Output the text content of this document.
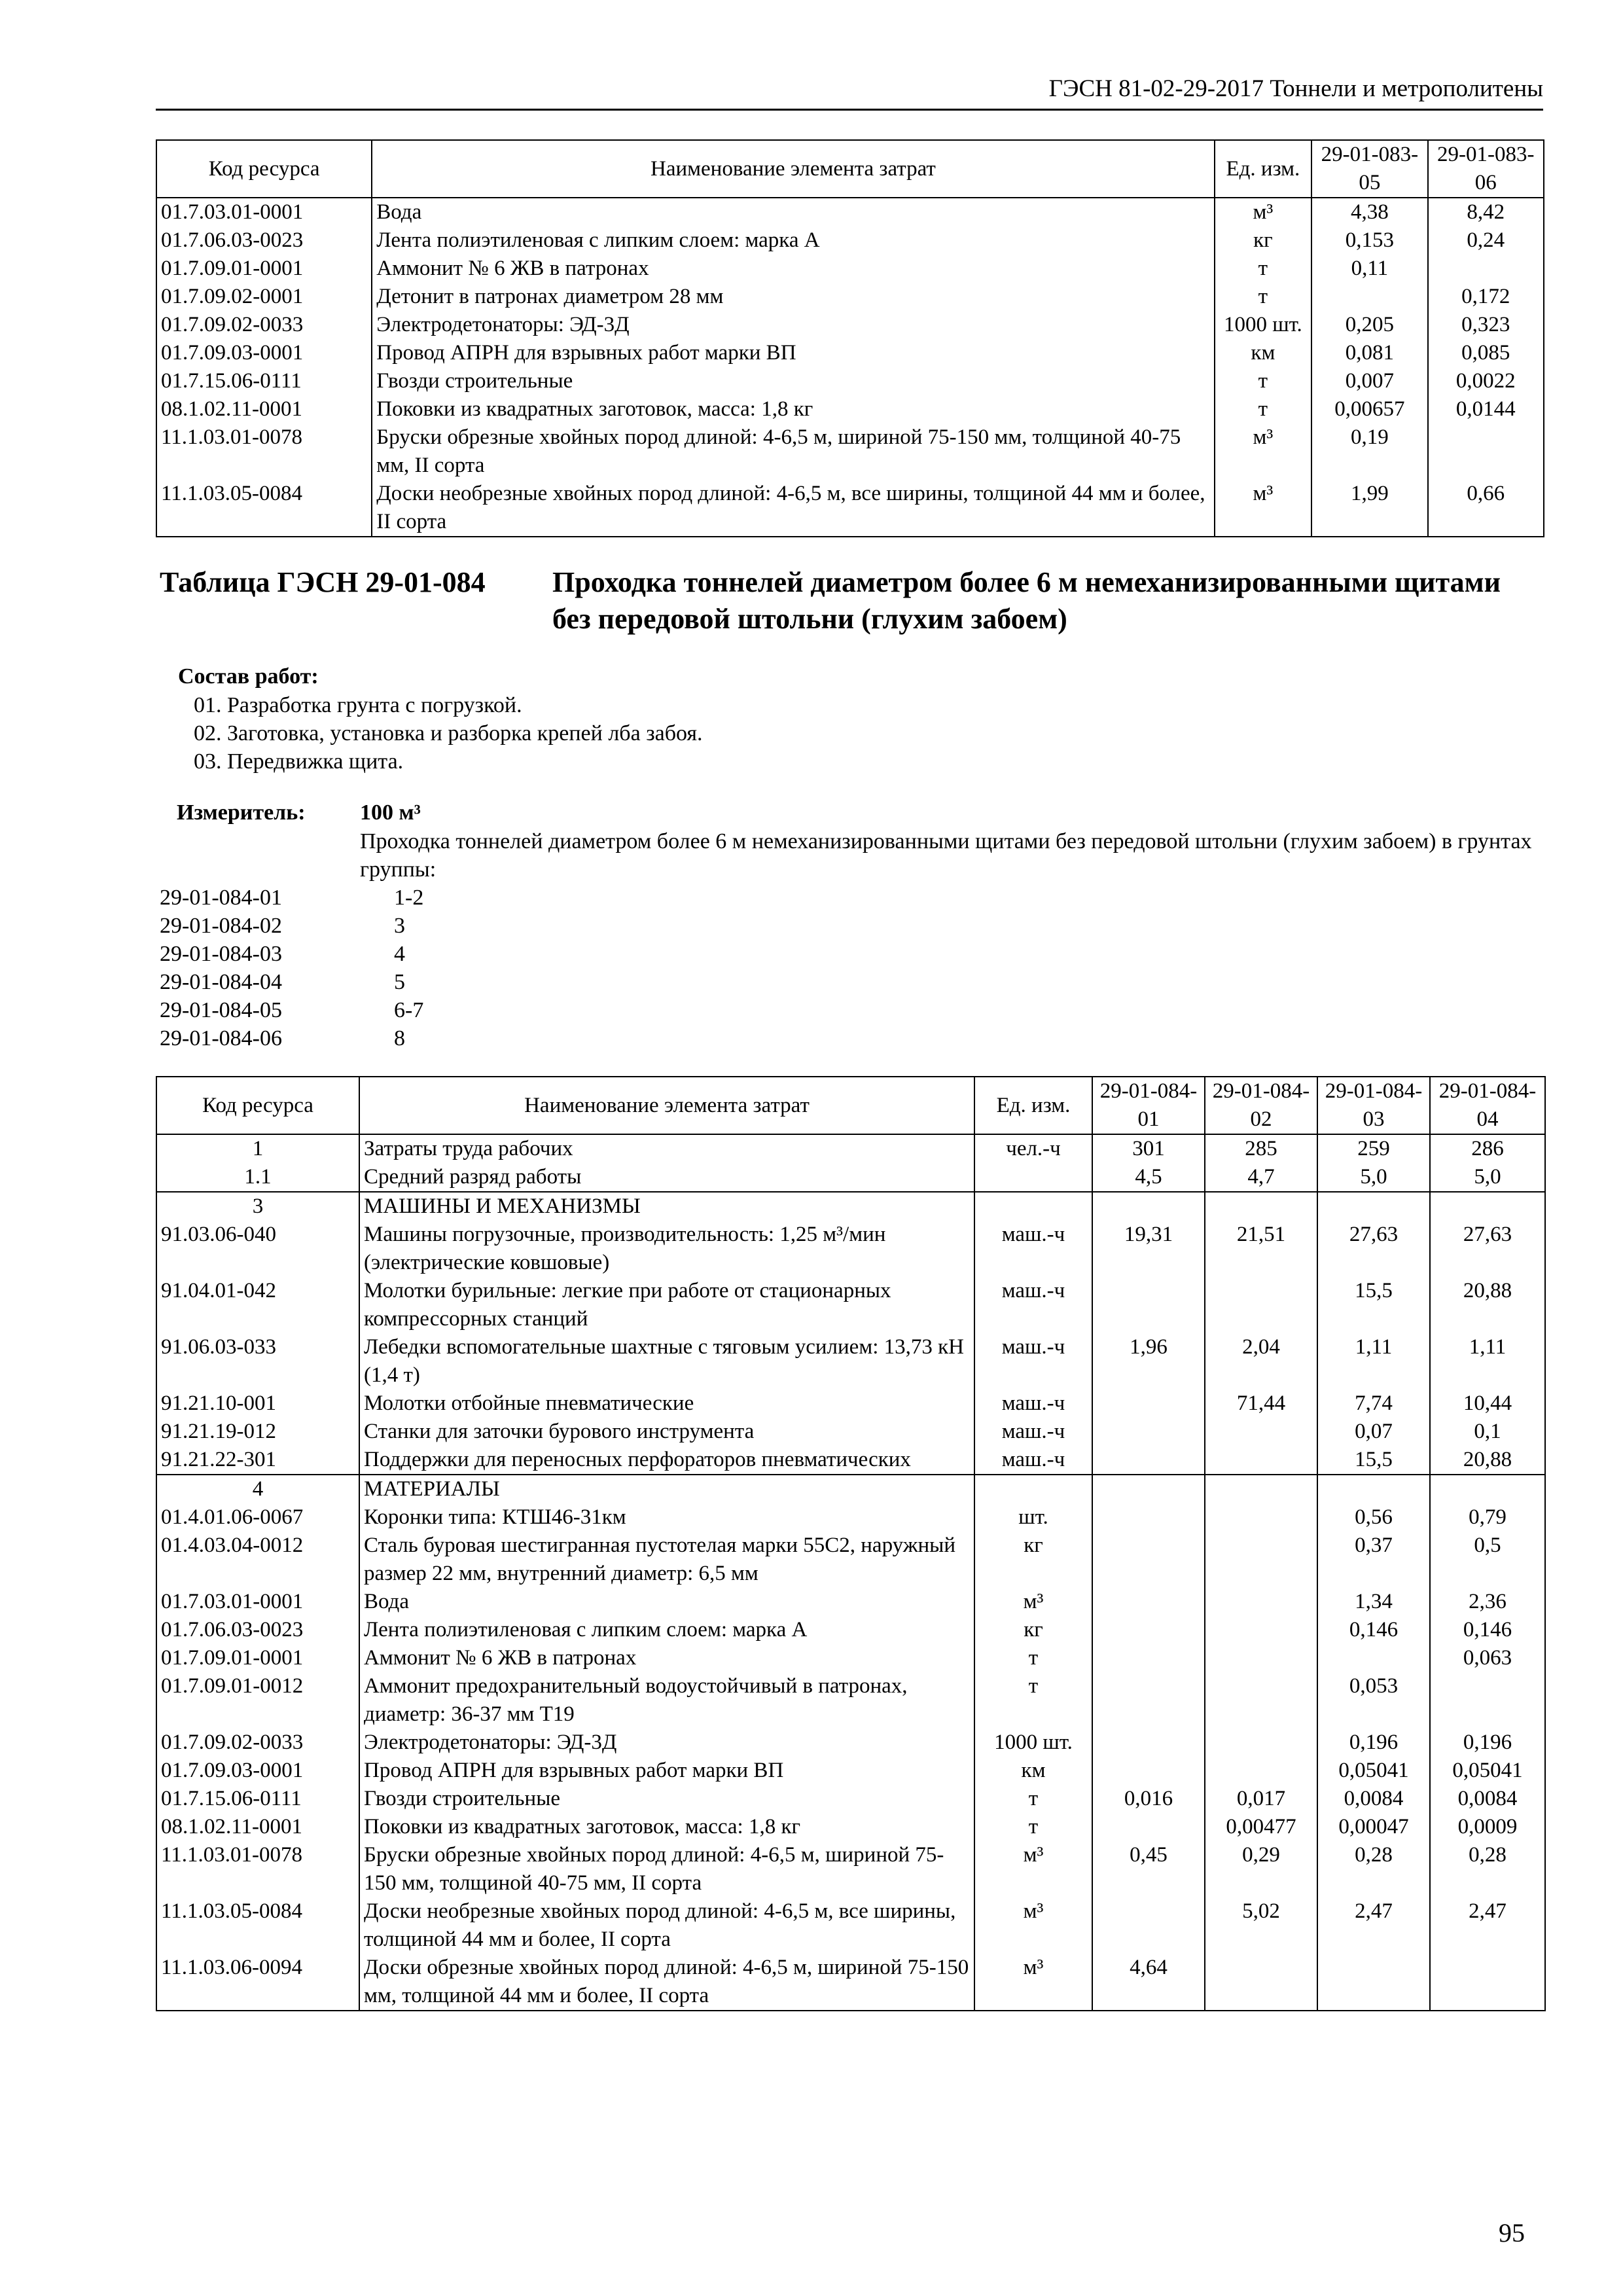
ГЭСН 81-02-29-2017 Тоннели и метрополитены
Код ресурса	Наименование элемента затрат	Ед. изм.	29-01-083-05	29-01-083-06
01.7.03.01-0001	Вода	м³	4,38	8,42
01.7.06.03-0023	Лента полиэтиленовая с липким слоем: марка А	кг	0,153	0,24
01.7.09.01-0001	Аммонит № 6 ЖВ в патронах	т	0,11	
01.7.09.02-0001	Детонит в патронах диаметром 28 мм	т		0,172
01.7.09.02-0033	Электродетонаторы: ЭД-3Д	1000 шт.	0,205	0,323
01.7.09.03-0001	Провод АПРН для взрывных работ марки ВП	км	0,081	0,085
01.7.15.06-0111	Гвозди строительные	т	0,007	0,0022
08.1.02.11-0001	Поковки из квадратных заготовок, масса: 1,8 кг	т	0,00657	0,0144
11.1.03.01-0078	Бруски обрезные хвойных пород длиной: 4-6,5 м, шириной 75-150 мм, толщиной 40-75 мм, II сорта	м³	0,19	
11.1.03.05-0084	Доски необрезные хвойных пород длиной: 4-6,5 м, все ширины, толщиной 44 мм и более, II сорта	м³	1,99	0,66
Таблица ГЭСН 29-01-084 Проходка тоннелей диаметром более 6 м немеханизированными щитами без передовой штольни (глухим забоем)
Состав работ:
01. Разработка грунта с погрузкой.
02. Заготовка, установка и разборка крепей лба забоя.
03. Передвижка щита.
Измеритель: 100 м³
Проходка тоннелей диаметром более 6 м немеханизированными щитами без передовой штольни (глухим забоем) в грунтах группы:
29-01-084-01	1-2
29-01-084-02	3
29-01-084-03	4
29-01-084-04	5
29-01-084-05	6-7
29-01-084-06	8
Код ресурса	Наименование элемента затрат	Ед. изм.	29-01-084-01	29-01-084-02	29-01-084-03	29-01-084-04
1	Затраты труда рабочих	чел.-ч	301	285	259	286
1.1	Средний разряд работы		4,5	4,7	5,0	5,0
3	МАШИНЫ И МЕХАНИЗМЫ					
91.03.06-040	Машины погрузочные, производительность: 1,25 м³/мин (электрические ковшовые)	маш.-ч	19,31	21,51	27,63	27,63
91.04.01-042	Молотки бурильные: легкие при работе от стационарных компрессорных станций	маш.-ч			15,5	20,88
91.06.03-033	Лебедки вспомогательные шахтные с тяговым усилием: 13,73 кН (1,4 т)	маш.-ч	1,96	2,04	1,11	1,11
91.21.10-001	Молотки отбойные пневматические	маш.-ч		71,44	7,74	10,44
91.21.19-012	Станки для заточки бурового инструмента	маш.-ч			0,07	0,1
91.21.22-301	Поддержки для переносных перфораторов пневматических	маш.-ч			15,5	20,88
4	МАТЕРИАЛЫ					
01.4.01.06-0067	Коронки типа: КТШ46-31км	шт.			0,56	0,79
01.4.03.04-0012	Сталь буровая шестигранная пустотелая марки 55С2, наружный размер 22 мм, внутренний диаметр: 6,5 мм	кг			0,37	0,5
01.7.03.01-0001	Вода	м³			1,34	2,36
01.7.06.03-0023	Лента полиэтиленовая с липким слоем: марка А	кг			0,146	0,146
01.7.09.01-0001	Аммонит № 6 ЖВ в патронах	т				0,063
01.7.09.01-0012	Аммонит предохранительный водоустойчивый в патронах, диаметр: 36-37 мм Т19	т			0,053	
01.7.09.02-0033	Электродетонаторы: ЭД-3Д	1000 шт.			0,196	0,196
01.7.09.03-0001	Провод АПРН для взрывных работ марки ВП	км			0,05041	0,05041
01.7.15.06-0111	Гвозди строительные	т	0,016	0,017	0,0084	0,0084
08.1.02.11-0001	Поковки из квадратных заготовок, масса: 1,8 кг	т		0,00477	0,00047	0,0009
11.1.03.01-0078	Бруски обрезные хвойных пород длиной: 4-6,5 м, шириной 75-150 мм, толщиной 40-75 мм, II сорта	м³	0,45	0,29	0,28	0,28
11.1.03.05-0084	Доски необрезные хвойных пород длиной: 4-6,5 м, все ширины, толщиной 44 мм и более, II сорта	м³		5,02	2,47	2,47
11.1.03.06-0094	Доски обрезные хвойных пород длиной: 4-6,5 м, шириной 75-150 мм, толщиной 44 мм и более, II сорта	м³	4,64			
95
